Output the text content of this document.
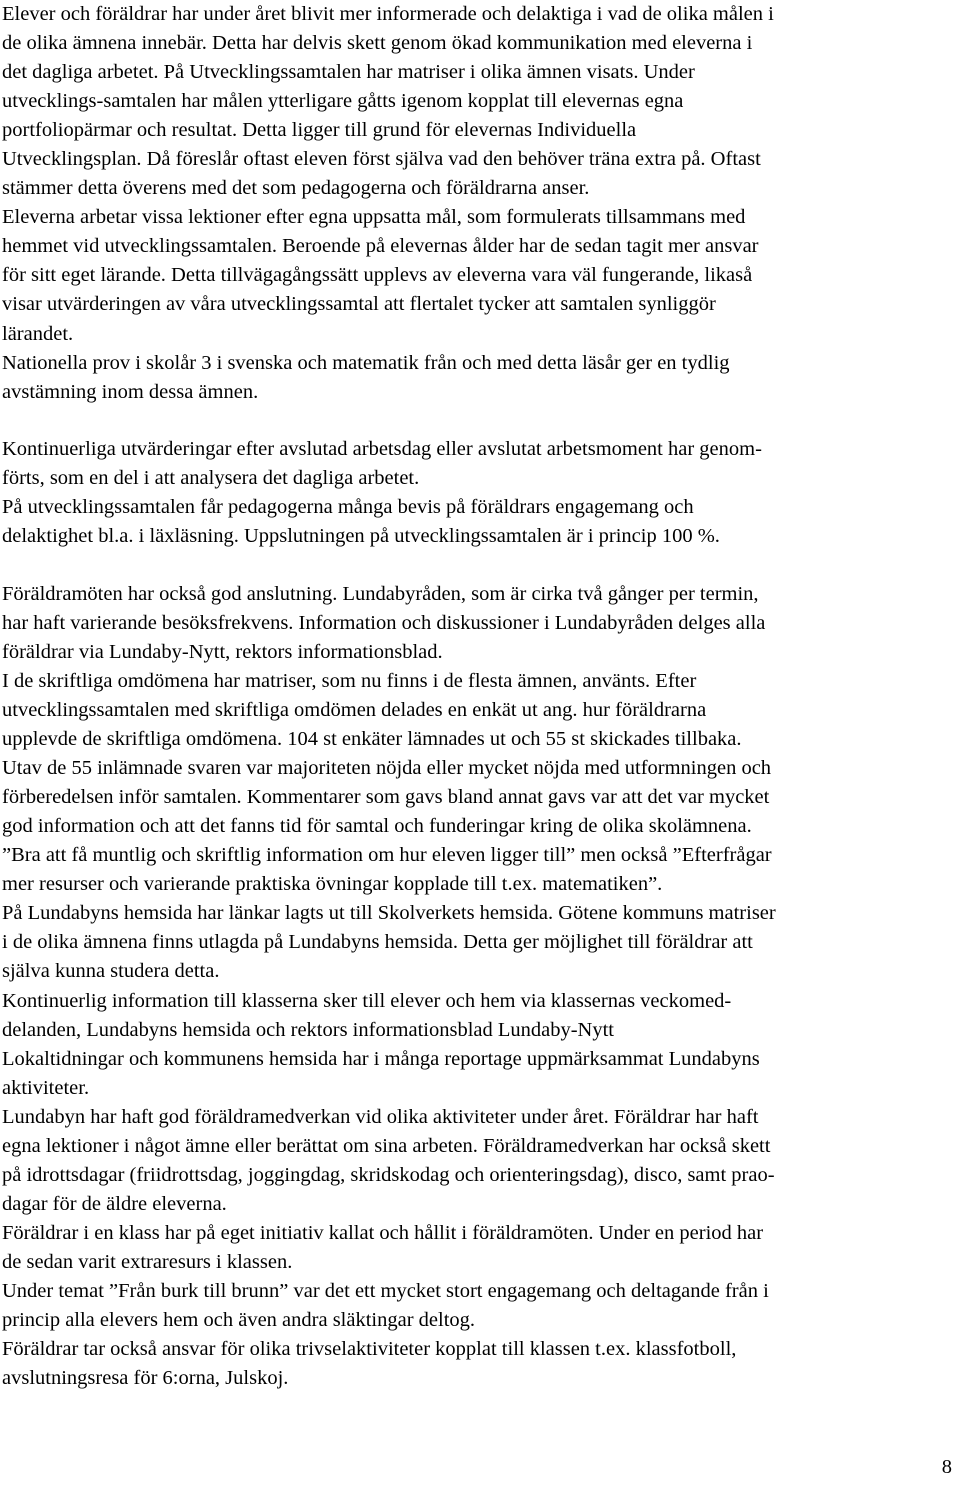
Elever och föräldrar har under året blivit mer informerade och delaktiga i vad de olika målen i
de olika ämnena innebär. Detta har delvis skett genom ökad kommunikation med eleverna i
det dagliga arbetet. På Utvecklingssamtalen har matriser i olika ämnen visats. Under
utvecklings-samtalen har målen ytterligare gåtts igenom kopplat till elevernas egna
portfoliopärmar och resultat. Detta ligger till grund för elevernas Individuella
Utvecklingsplan. Då föreslår oftast eleven först själva vad den behöver träna extra på. Oftast
stämmer detta överens med det som pedagogerna och föräldrarna anser.
Eleverna arbetar vissa lektioner efter egna uppsatta mål, som formulerats tillsammans med
hemmet vid utvecklingssamtalen. Beroende på elevernas ålder har de sedan tagit mer ansvar
för sitt eget lärande. Detta tillvägagångssätt upplevs av eleverna vara väl fungerande, likaså
visar utvärderingen av våra utvecklingssamtal att flertalet tycker att samtalen synliggör
lärandet.
Nationella prov i skolår 3 i svenska och matematik från och med detta läsår ger en tydlig
avstämning inom dessa ämnen.
Kontinuerliga utvärderingar efter avslutad arbetsdag eller avslutat arbetsmoment har genom-
förts, som en del i att analysera det dagliga arbetet.
På utvecklingssamtalen får pedagogerna många bevis på föräldrars engagemang och
delaktighet bl.a. i läxläsning. Uppslutningen på utvecklingssamtalen är i princip 100 %.
Föräldramöten har också god anslutning. Lundabyråden, som är cirka två gånger per termin,
har haft varierande besöksfrekvens. Information och diskussioner i Lundabyråden delges alla
föräldrar via Lundaby-Nytt, rektors informationsblad.
I de skriftliga omdömena har matriser, som nu finns i de flesta ämnen, använts. Efter
utvecklingssamtalen med skriftliga omdömen delades en enkät ut ang. hur föräldrarna
upplevde de skriftliga omdömena. 104 st enkäter lämnades ut och 55 st skickades tillbaka.
Utav de 55 inlämnade svaren var majoriteten nöjda eller mycket nöjda med utformningen och
förberedelsen inför samtalen. Kommentarer som gavs bland annat gavs var att det var mycket
god information och att det fanns tid för samtal och funderingar kring de olika skolämnena.
”Bra att få muntlig och skriftlig information om hur eleven ligger till” men också ”Efterfrågar
mer resurser och varierande praktiska övningar kopplade till t.ex. matematiken”.
På Lundabyns hemsida har länkar lagts ut till Skolverkets hemsida. Götene kommuns matriser
i de olika ämnena finns utlagda på Lundabyns hemsida. Detta ger möjlighet till föräldrar att
själva kunna studera detta.
Kontinuerlig information till klasserna sker till elever och hem via klassernas veckomed-
delanden, Lundabyns hemsida och rektors informationsblad Lundaby-Nytt
Lokaltidningar och kommunens hemsida har i många reportage uppmärksammat Lundabyns
aktiviteter.
Lundabyn har haft god föräldramedverkan vid olika aktiviteter under året. Föräldrar har haft
egna lektioner i något ämne eller berättat om sina arbeten. Föräldramedverkan har också skett
på idrottsdagar (friidrottsdag, joggingdag, skridskodag och orienteringsdag), disco, samt prao-
dagar för de äldre eleverna.
Föräldrar i en klass har på eget initiativ kallat och hållit i föräldramöten. Under en period har
de sedan varit extraresurs i klassen.
Under temat ”Från burk till brunn” var det ett mycket stort engagemang och deltagande från i
princip alla elevers hem och även andra släktingar deltog.
Föräldrar tar också ansvar för olika trivselaktiviteter kopplat till klassen t.ex. klassfotboll,
avslutningsresa för 6:orna, Julskoj.
8
